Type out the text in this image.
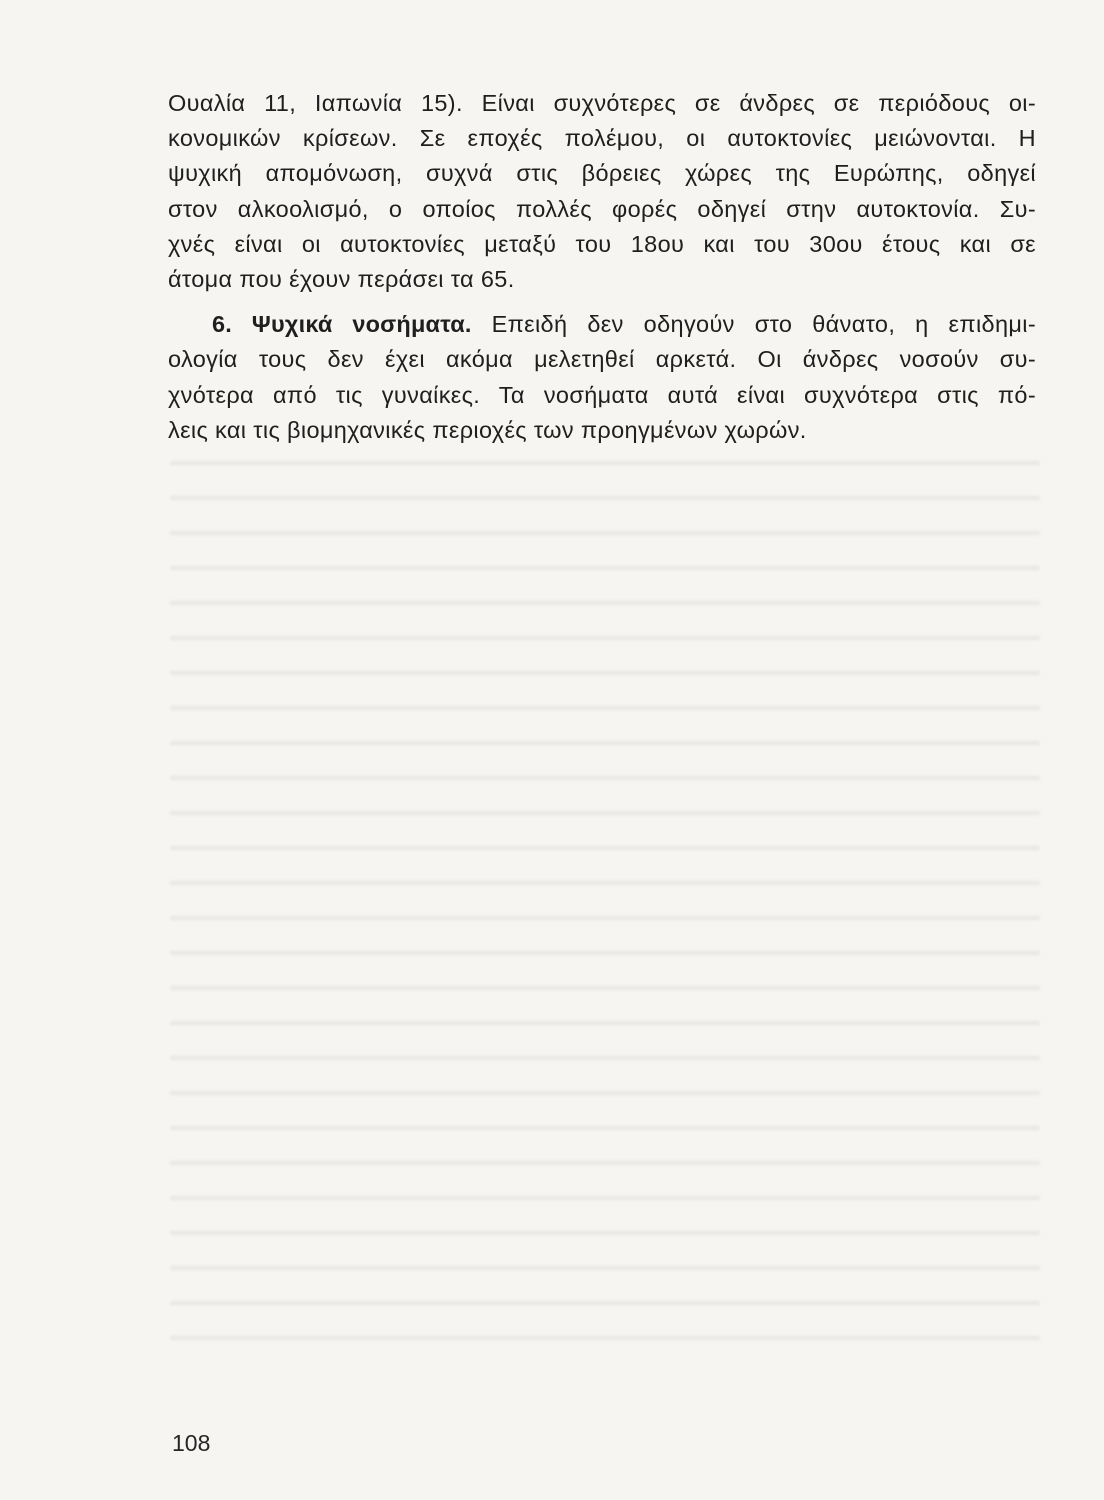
Ουαλία 11, Ιαπωνία 15). Είναι συχνότερες σε άνδρες σε περιόδους οι-
κονομικών κρίσεων. Σε εποχές πολέμου, οι αυτοκτονίες μειώνονται. Η
ψυχική απομόνωση, συχνά στις βόρειες χώρες της Ευρώπης, οδηγεί
στον αλκοολισμό, ο οποίος πολλές φορές οδηγεί στην αυτοκτονία. Συ-
χνές είναι οι αυτοκτονίες μεταξύ του 18ου και του 30ου έτους και σε
άτομα που έχουν περάσει τα 65.
6. Ψυχικά νοσήματα. Επειδή δεν οδηγούν στο θάνατο, η επιδημι-
ολογία τους δεν έχει ακόμα μελετηθεί αρκετά. Οι άνδρες νοσούν συ-
χνότερα από τις γυναίκες. Τα νοσήματα αυτά είναι συχνότερα στις πό-
λεις και τις βιομηχανικές περιοχές των προηγμένων χωρών.
108
